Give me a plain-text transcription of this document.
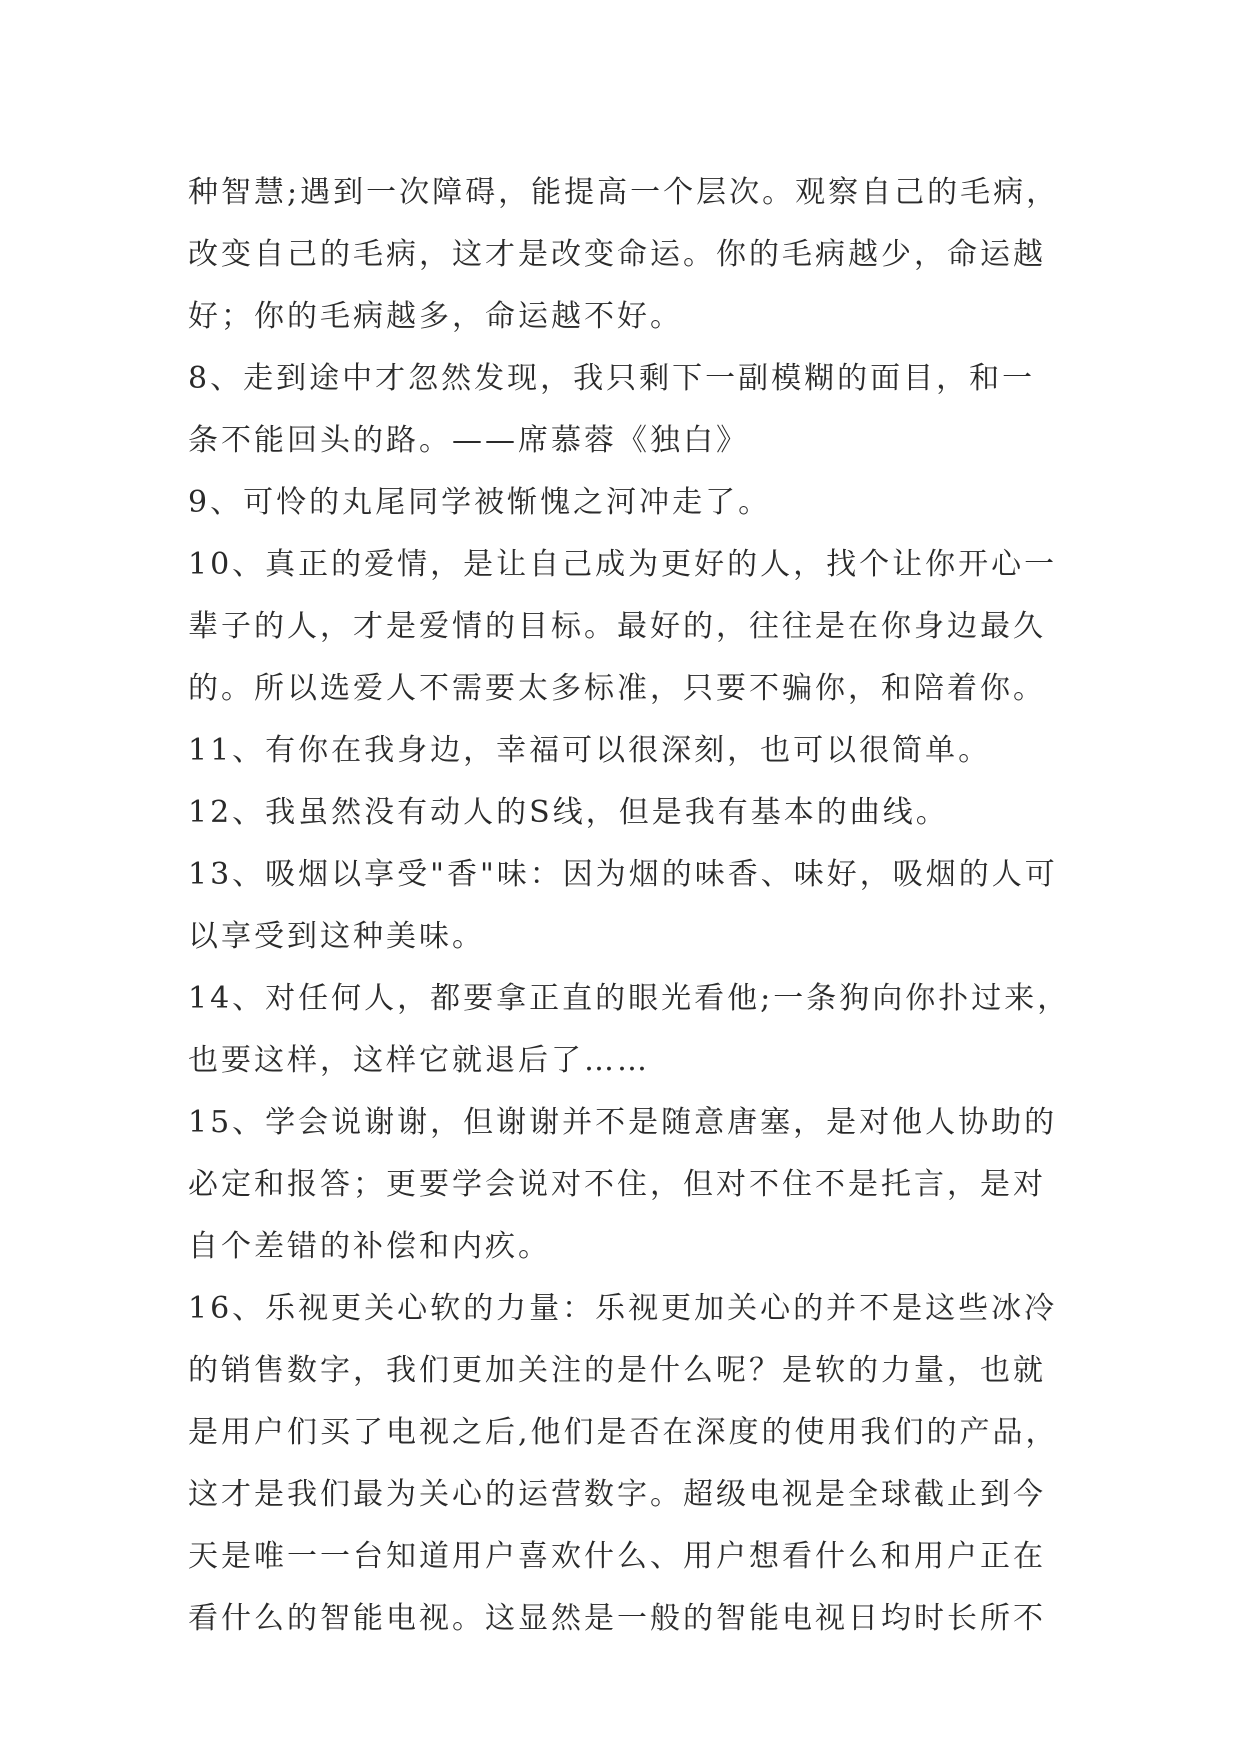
种智慧;遇到一次障碍，能提高一个层次。观察自己的毛病，
改变自己的毛病，这才是改变命运。你的毛病越少，命运越
好；你的毛病越多，命运越不好。
8、走到途中才忽然发现，我只剩下一副模糊的面目，和一
条不能回头的路。——席慕蓉《独白》
9、可怜的丸尾同学被惭愧之河冲走了。
10、真正的爱情，是让自己成为更好的人，找个让你开心一
辈子的人，才是爱情的目标。最好的，往往是在你身边最久
的。所以选爱人不需要太多标准，只要不骗你，和陪着你。
11、有你在我身边，幸福可以很深刻，也可以很简单。
12、我虽然没有动人的S线，但是我有基本的曲线。
13、吸烟以享受"香"味：因为烟的味香、味好，吸烟的人可
以享受到这种美味。
14、对任何人，都要拿正直的眼光看他;一条狗向你扑过来，
也要这样，这样它就退后了……
15、学会说谢谢，但谢谢并不是随意唐塞，是对他人协助的
必定和报答；更要学会说对不住，但对不住不是托言，是对
自个差错的补偿和内疚。
16、乐视更关心软的力量：乐视更加关心的并不是这些冰冷
的销售数字，我们更加关注的是什么呢？是软的力量，也就
是用户们买了电视之后,他们是否在深度的使用我们的产品，
这才是我们最为关心的运营数字。超级电视是全球截止到今
天是唯一一台知道用户喜欢什么、用户想看什么和用户正在
看什么的智能电视。这显然是一般的智能电视日均时长所不
